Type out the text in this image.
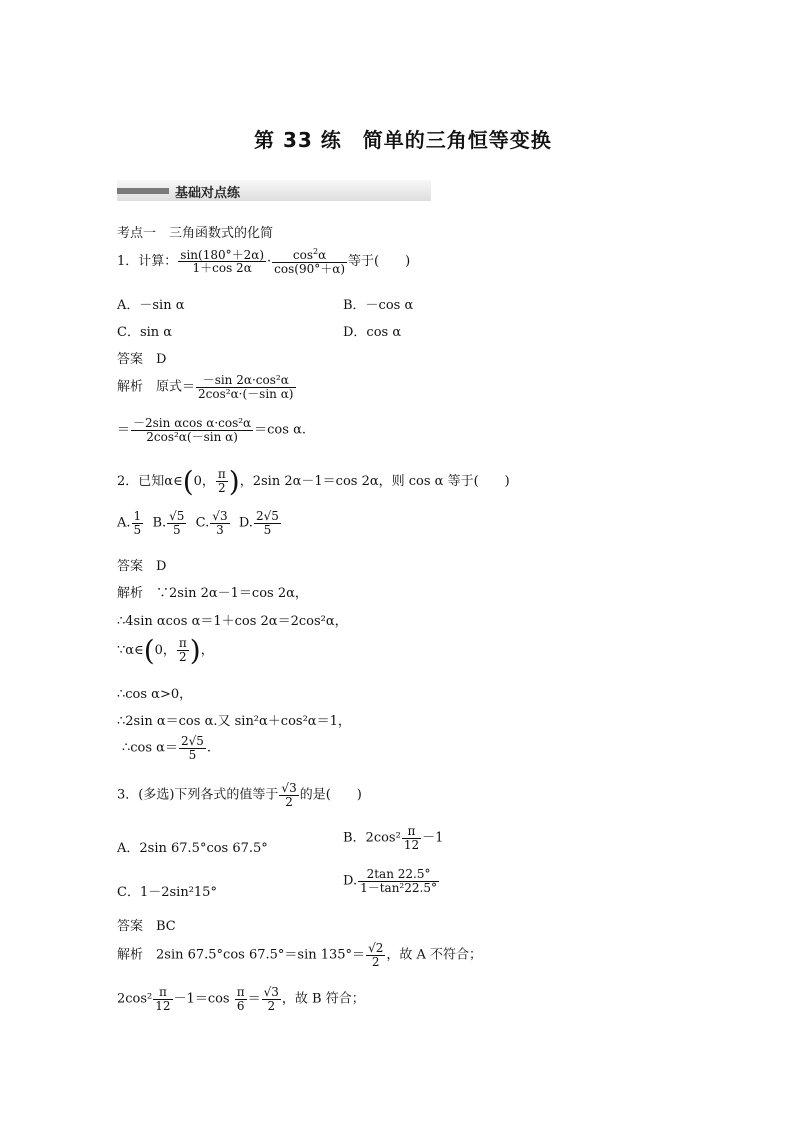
第 33 练　简单的三角恒等变换
基础对点练
考点一　三角函数式的化简
1．计算： $\frac{\sin(180^\circ+2\alpha)}{1+\cos 2\alpha} \cdot \frac{\cos^2\alpha}{\cos(90^\circ+\alpha)}$ 等于(　　)
A．－sin α	B．－cos α
C．sin α	D．cos α
答案　D
解析　原式＝ $\frac{\text{－sin 2α·cos²α}}{\text{2cos²α·(－sin α)}}$
＝ $\frac{\text{－2sin αcos α·cos²α}}{\text{2cos²α(－sin α)}} =\cos$ α.
2．已知α∈(0， $\frac{\pi}{2}$ )，2sin 2α－1＝cos 2α，则 cos α 等于(　　)
A. $\frac{1}{5} B$. $\frac{√5}{5} C$. $\frac{√3}{3} D$. $\frac{2√5}{5}$
答案　D
解析　∵2sin 2α－1＝cos 2α，
∴4sin αcos α＝1＋cos 2α＝2cos²α，
∵α∈(0， $\frac{\pi}{2}$ )，
∴cos α>0，
∴2sin α＝cos α.又 sin²α＋cos²α＝1，
∴cos $\alpha= \frac{2√5}{5}$ .
3．(多选)下列各式的值等于 $\frac{√3}{2}$ 的是(　　)
A．2sin 67.5°cos 67.5°
B．$2\cos^2 \frac{\pi}{12} -1$
C．1－2sin²15°
D. $\frac{2\tan 22.5^\circ}{\text{1－tan²22.5°}}$
答案　BC
解析　2sin 67.5°cos 67.5°＝sin $135^\circ= \frac{√2}{2}$ ，故 A 不符合；
$2\cos^2 \frac{\pi}{12} -1=\cos \frac{\pi}{6} = \frac{√3}{2}$ ，故 B 符合；
